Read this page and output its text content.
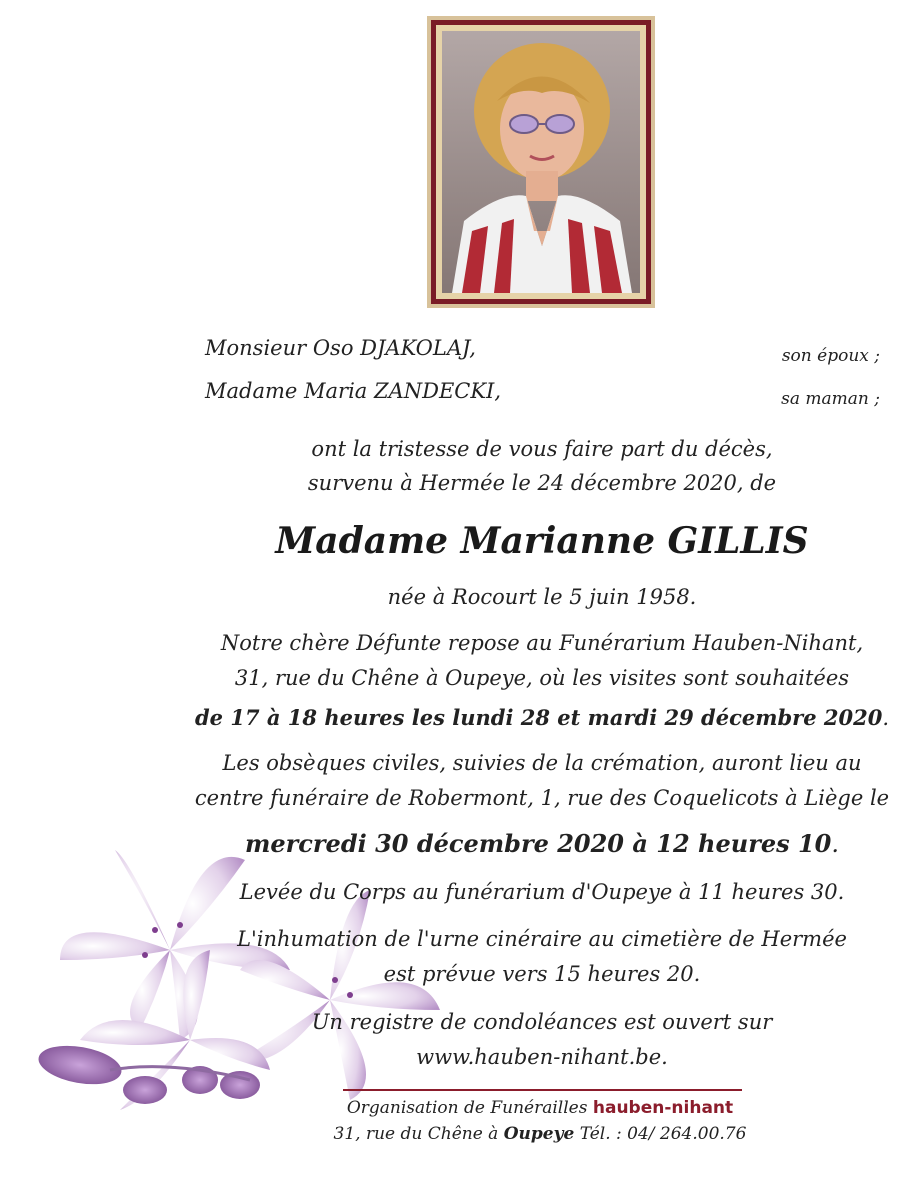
Monsieur Oso DJAKOLAJ,	son époux ;
Madame Maria ZANDECKI,	sa maman ;
ont la tristesse de vous faire part du décès,
survenu à Hermée le 24 décembre 2020, de
Madame Marianne GILLIS
née à Rocourt le 5 juin 1958.
Notre chère Défunte repose au Funérarium Hauben-Nihant,
31, rue du Chêne à Oupeye, où les visites sont souhaitées
de 17 à 18 heures les lundi 28 et mardi 29 décembre 2020.
Les obsèques civiles, suivies de la crémation, auront lieu au
centre funéraire de Robermont, 1, rue des Coquelicots à Liège le
mercredi 30 décembre 2020 à 12 heures 10.
Levée du Corps au funérarium d'Oupeye à 11 heures 30.
L'inhumation de l'urne cinéraire au cimetière de Hermée
est prévue vers 15 heures 20.
Un registre de condoléances est ouvert sur
www.hauben-nihant.be.
Organisation de Funérailles hauben-nihant
31, rue du Chêne à Oupeye Tél. : 04/ 264.00.76
